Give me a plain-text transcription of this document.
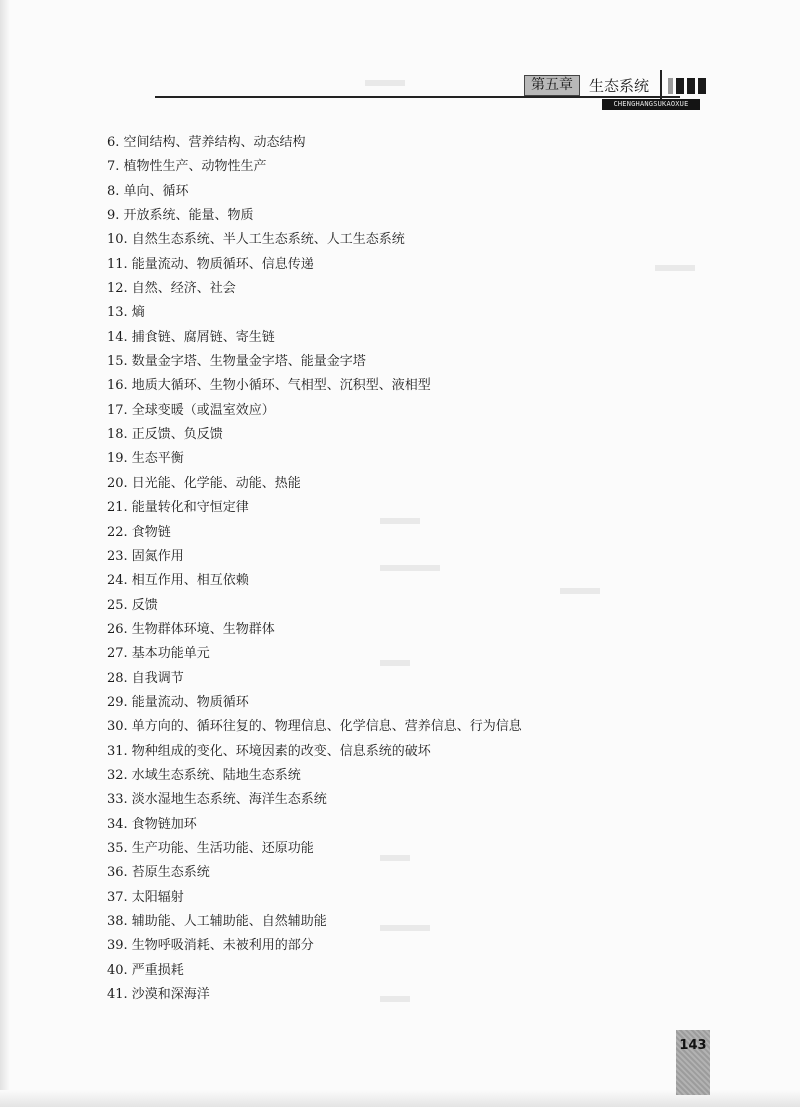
第五章	生态系统
CHENGHANGSUKAOXUE
6. 空间结构、营养结构、动态结构
7. 植物性生产、动物性生产
8. 单向、循环
9. 开放系统、能量、物质
10. 自然生态系统、半人工生态系统、人工生态系统
11. 能量流动、物质循环、信息传递
12. 自然、经济、社会
13. 熵
14. 捕食链、腐屑链、寄生链
15. 数量金字塔、生物量金字塔、能量金字塔
16. 地质大循环、生物小循环、气相型、沉积型、液相型
17. 全球变暖（或温室效应）
18. 正反馈、负反馈
19. 生态平衡
20. 日光能、化学能、动能、热能
21. 能量转化和守恒定律
22. 食物链
23. 固氮作用
24. 相互作用、相互依赖
25. 反馈
26. 生物群体环境、生物群体
27. 基本功能单元
28. 自我调节
29. 能量流动、物质循环
30. 单方向的、循环往复的、物理信息、化学信息、营养信息、行为信息
31. 物种组成的变化、环境因素的改变、信息系统的破坏
32. 水域生态系统、陆地生态系统
33. 淡水湿地生态系统、海洋生态系统
34. 食物链加环
35. 生产功能、生活功能、还原功能
36. 苔原生态系统
37. 太阳辐射
38. 辅助能、人工辅助能、自然辅助能
39. 生物呼吸消耗、未被利用的部分
40. 严重损耗
41. 沙漠和深海洋
143
